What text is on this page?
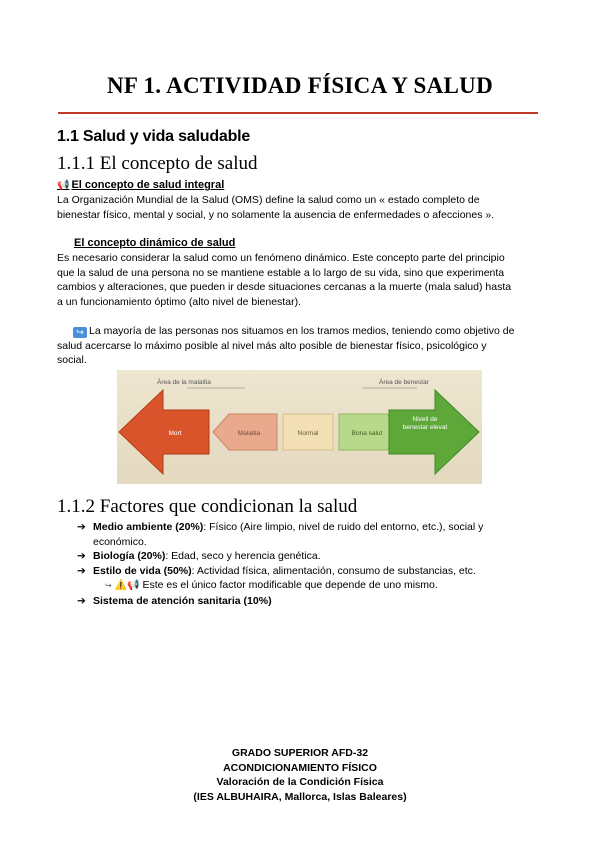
NF 1. ACTIVIDAD FÍSICA Y SALUD
1.1 Salud y vida saludable
1.1.1 El concepto de salud
📢 El concepto de salud integral
La Organización Mundial de la Salud (OMS) define la salud como un « estado completo de
bienestar físico, mental y social, y no solamente la ausencia de enfermedades o afecciones ».
El concepto dinámico de salud
Es necesario considerar la salud como un fenómeno dinámico. Este concepto parte del principio
que la salud de una persona no se mantiene estable a lo largo de su vida, sino que experimenta
cambios y alteraciones, que pueden ir desde situaciones cercanas a la muerte (mala salud) hasta
a un funcionamiento óptimo (alto nivel de bienestar).
↪ La mayoría de las personas nos situamos en los tramos medios, teniendo como objetivo de
salud acercarse lo máximo posible al nivel más alto posible de bienestar físico, psicológico y
social.
Área de la malaltia	Àrea de benestar
Mort	Malaltia	Normal	Bona salut
Nivell de benestar elevat
1.1.2 Factores que condicionan la salud
➔ Medio ambiente (20%): Físico (Aire limpio, nivel de ruido del entorno, etc.), social y
económico.
➔ Biología (20%): Edad, seco y herencia genética.
➔ Estilo de vida (50%): Actividad física, alimentación, consumo de substancias, etc.
↪ ⚠️📢 Este es el único factor modificable que depende de uno mismo.
➔ Sistema de atención sanitaria (10%)
GRADO SUPERIOR AFD-32
ACONDICIONAMIENTO FÍSICO
Valoración de la Condición Física
(IES ALBUHAIRA, Mallorca, Islas Baleares)
